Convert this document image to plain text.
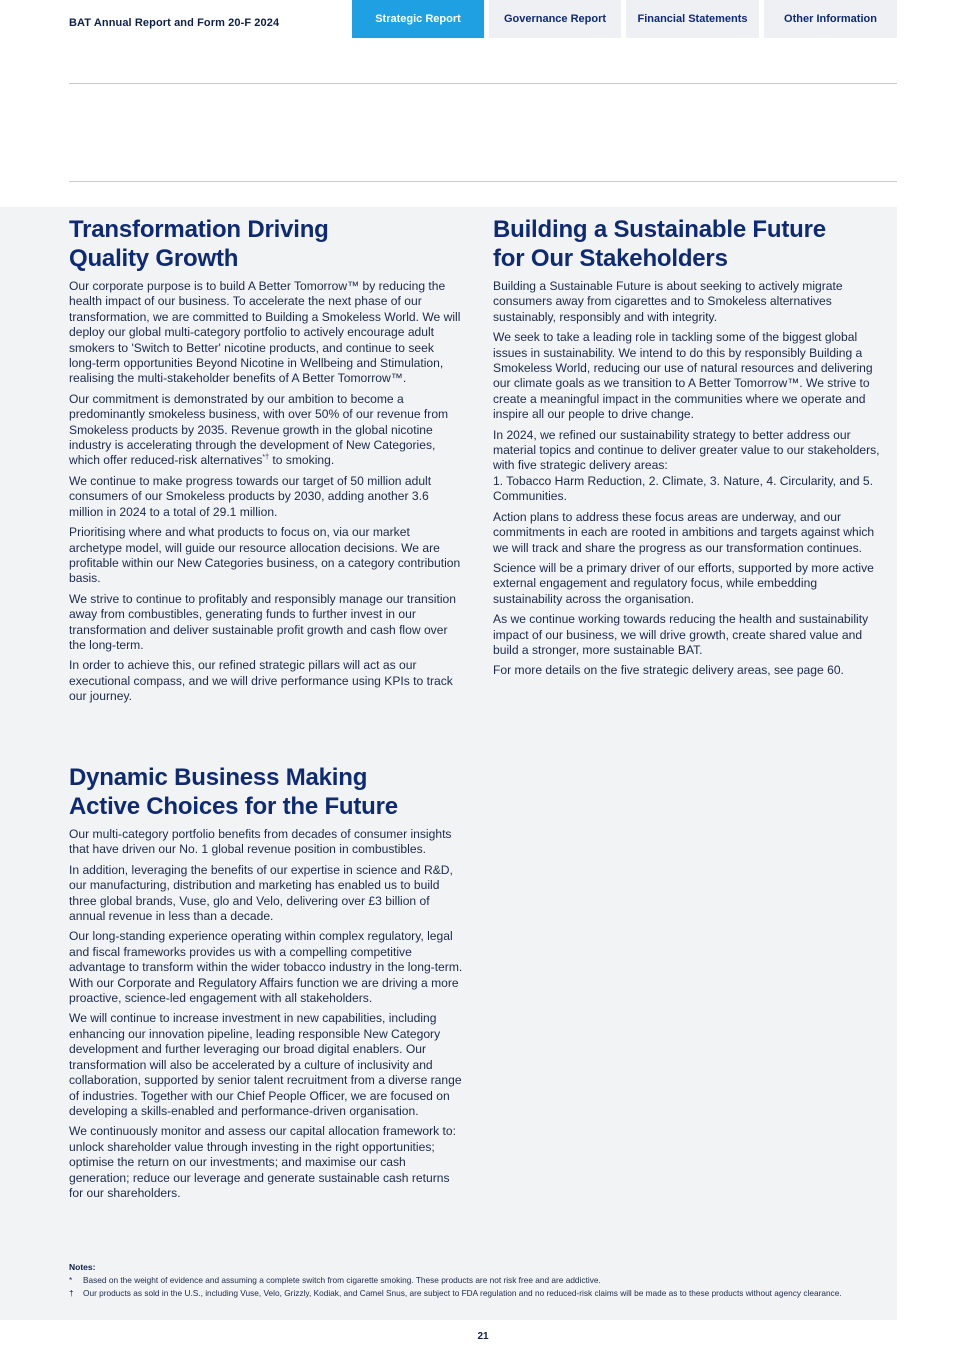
BAT Annual Report and Form 20-F 2024	Strategic Report	Governance Report	Financial Statements	Other Information
Transformation Driving
Quality Growth

Our corporate purpose is to build A Better Tomorrow™ by reducing the health impact of our business. To accelerate the next phase of our transformation, we are committed to Building a Smokeless World. We will deploy our global multi-category portfolio to actively encourage adult smokers to 'Switch to Better' nicotine products, and continue to seek long-term opportunities Beyond Nicotine in Wellbeing and Stimulation, realising the multi-stakeholder benefits of A Better Tomorrow™.

Our commitment is demonstrated by our ambition to become a predominantly smokeless business, with over 50% of our revenue from Smokeless products by 2035. Revenue growth in the global nicotine industry is accelerating through the development of New Categories, which offer reduced-risk alternatives*† to smoking.

We continue to make progress towards our target of 50 million adult consumers of our Smokeless products by 2030, adding another 3.6 million in 2024 to a total of 29.1 million.

Prioritising where and what products to focus on, via our market archetype model, will guide our resource allocation decisions. We are profitable within our New Categories business, on a category contribution basis.

We strive to continue to profitably and responsibly manage our transition away from combustibles, generating funds to further invest in our transformation and deliver sustainable profit growth and cash flow over the long-term.

In order to achieve this, our refined strategic pillars will act as our executional compass, and we will drive performance using KPIs to track our journey.

Dynamic Business Making
Active Choices for the Future

Our multi-category portfolio benefits from decades of consumer insights that have driven our No. 1 global revenue position in combustibles.

In addition, leveraging the benefits of our expertise in science and R&D, our manufacturing, distribution and marketing has enabled us to build three global brands, Vuse, glo and Velo, delivering over £3 billion of annual revenue in less than a decade.

Our long-standing experience operating within complex regulatory, legal and fiscal frameworks provides us with a compelling competitive advantage to transform within the wider tobacco industry in the long-term. With our Corporate and Regulatory Affairs function we are driving a more proactive, science-led engagement with all stakeholders.

We will continue to increase investment in new capabilities, including enhancing our innovation pipeline, leading responsible New Category development and further leveraging our broad digital enablers. Our transformation will also be accelerated by a culture of inclusivity and collaboration, supported by senior talent recruitment from a diverse range of industries. Together with our Chief People Officer, we are focused on developing a skills-enabled and performance-driven organisation.

We continuously monitor and assess our capital allocation framework to: unlock shareholder value through investing in the right opportunities; optimise the return on our investments; and maximise our cash generation; reduce our leverage and generate sustainable cash returns for our shareholders.

Building a Sustainable Future
for Our Stakeholders

Building a Sustainable Future is about seeking to actively migrate consumers away from cigarettes and to Smokeless alternatives sustainably, responsibly and with integrity.

We seek to take a leading role in tackling some of the biggest global issues in sustainability. We intend to do this by responsibly Building a Smokeless World, reducing our use of natural resources and delivering our climate goals as we transition to A Better Tomorrow™. We strive to create a meaningful impact in the communities where we operate and inspire all our people to drive change.

In 2024, we refined our sustainability strategy to better address our material topics and continue to deliver greater value to our stakeholders, with five strategic delivery areas:
1. Tobacco Harm Reduction, 2. Climate, 3. Nature, 4. Circularity, and 5. Communities.

Action plans to address these focus areas are underway, and our commitments in each are rooted in ambitions and targets against which we will track and share the progress as our transformation continues.

Science will be a primary driver of our efforts, supported by more active external engagement and regulatory focus, while embedding sustainability across the organisation.

As we continue working towards reducing the health and sustainability impact of our business, we will drive growth, create shared value and build a stronger, more sustainable BAT.

For more details on the five strategic delivery areas, see page 60.

Notes:
*	Based on the weight of evidence and assuming a complete switch from cigarette smoking. These products are not risk free and are addictive.
†	Our products as sold in the U.S., including Vuse, Velo, Grizzly, Kodiak, and Camel Snus, are subject to FDA regulation and no reduced-risk claims will be made as to these products without agency clearance.
21
